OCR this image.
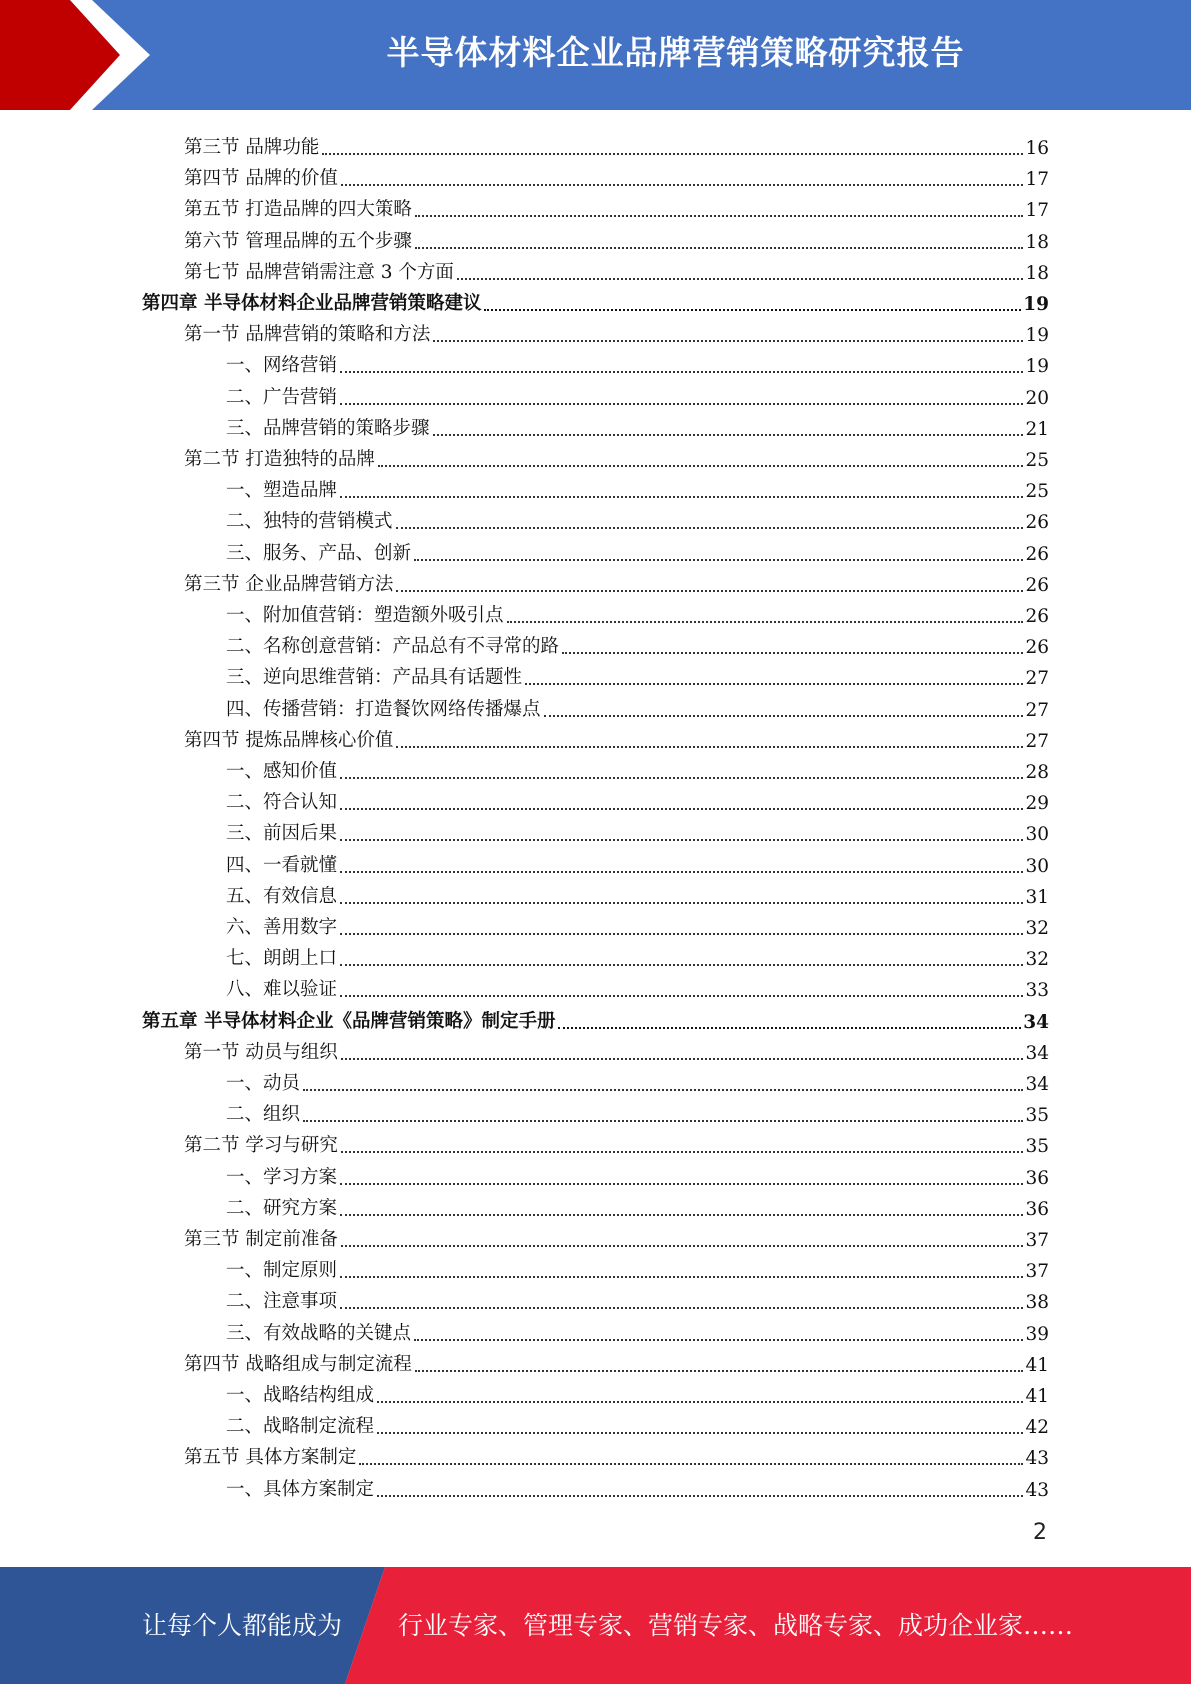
半导体材料企业品牌营销策略研究报告
第三节 品牌功能	16
第四节 品牌的价值	17
第五节 打造品牌的四大策略	17
第六节 管理品牌的五个步骤	18
第七节 品牌营销需注意 3 个方面	18
第四章 半导体材料企业品牌营销策略建议	19
第一节 品牌营销的策略和方法	19
一、网络营销	19
二、广告营销	20
三、品牌营销的策略步骤	21
第二节 打造独特的品牌	25
一、塑造品牌	25
二、独特的营销模式	26
三、服务、产品、创新	26
第三节 企业品牌营销方法	26
一、附加值营销：塑造额外吸引点	26
二、名称创意营销：产品总有不寻常的路	26
三、逆向思维营销：产品具有话题性	27
四、传播营销：打造餐饮网络传播爆点	27
第四节 提炼品牌核心价值	27
一、感知价值	28
二、符合认知	29
三、前因后果	30
四、一看就懂	30
五、有效信息	31
六、善用数字	32
七、朗朗上口	32
八、难以验证	33
第五章 半导体材料企业《品牌营销策略》制定手册	34
第一节 动员与组织	34
一、动员	34
二、组织	35
第二节 学习与研究	35
一、学习方案	36
二、研究方案	36
第三节 制定前准备	37
一、制定原则	37
二、注意事项	38
三、有效战略的关键点	39
第四节 战略组成与制定流程	41
一、战略结构组成	41
二、战略制定流程	42
第五节 具体方案制定	43
一、具体方案制定	43
2
让每个人都能成为 行业专家、管理专家、营销专家、战略专家、成功企业家……
